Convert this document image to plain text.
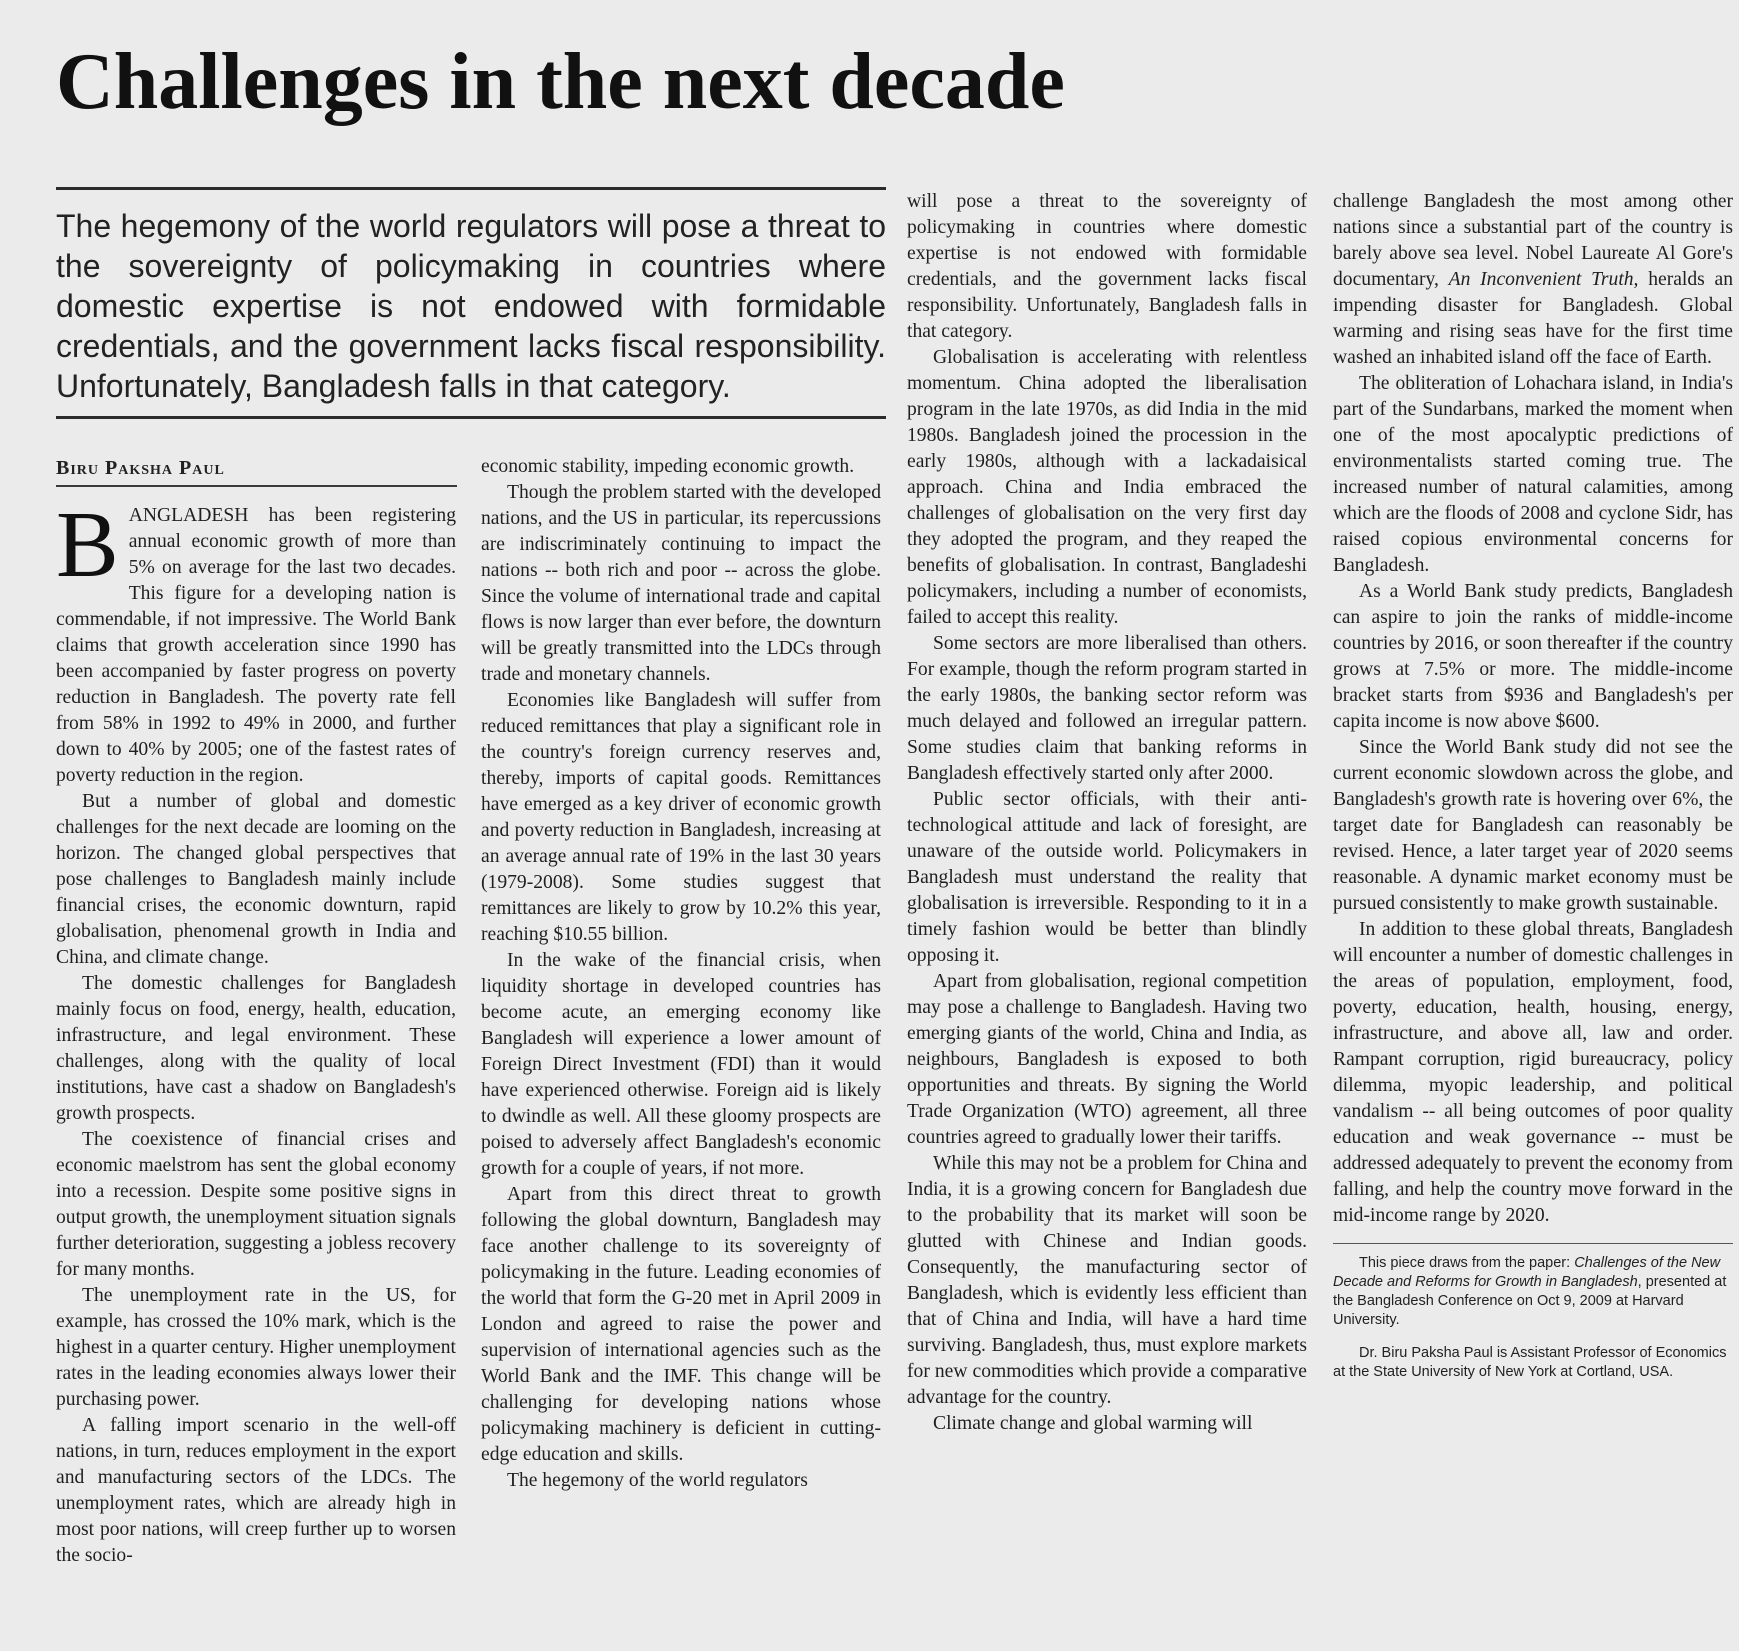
Challenges in the next decade

The hegemony of the world regulators will pose a threat to the sovereignty of policymaking in countries where domestic expertise is not endowed with formidable credentials, and the government lacks fiscal responsibility. Unfortunately, Bangladesh falls in that category.

Biru Paksha Paul

BANGLADESH has been registering annual economic growth of more than 5% on average for the last two decades. This figure for a developing nation is commendable, if not impressive. The World Bank claims that growth acceleration since 1990 has been accompanied by faster progress on poverty reduction in Bangladesh. The poverty rate fell from 58% in 1992 to 49% in 2000, and further down to 40% by 2005; one of the fastest rates of poverty reduction in the region.

But a number of global and domestic challenges for the next decade are looming on the horizon. The changed global perspectives that pose challenges to Bangladesh mainly include financial crises, the economic downturn, rapid globalisation, phenomenal growth in India and China, and climate change.

The domestic challenges for Bangladesh mainly focus on food, energy, health, education, infrastructure, and legal environment. These challenges, along with the quality of local institutions, have cast a shadow on Bangladesh's growth prospects.

The coexistence of financial crises and economic maelstrom has sent the global economy into a recession. Despite some positive signs in output growth, the unemployment situation signals further deterioration, suggesting a jobless recovery for many months.

The unemployment rate in the US, for example, has crossed the 10% mark, which is the highest in a quarter century. Higher unemployment rates in the leading economies always lower their purchasing power.

A falling import scenario in the well-off nations, in turn, reduces employment in the export and manufacturing sectors of the LDCs. The unemployment rates, which are already high in most poor nations, will creep further up to worsen the socio-

economic stability, impeding economic growth.

Though the problem started with the developed nations, and the US in particular, its repercussions are indiscriminately continuing to impact the nations -- both rich and poor -- across the globe. Since the volume of international trade and capital flows is now larger than ever before, the downturn will be greatly transmitted into the LDCs through trade and monetary channels.

Economies like Bangladesh will suffer from reduced remittances that play a significant role in the country's foreign currency reserves and, thereby, imports of capital goods. Remittances have emerged as a key driver of economic growth and poverty reduction in Bangladesh, increasing at an average annual rate of 19% in the last 30 years (1979-2008). Some studies suggest that remittances are likely to grow by 10.2% this year, reaching $10.55 billion.

In the wake of the financial crisis, when liquidity shortage in developed countries has become acute, an emerging economy like Bangladesh will experience a lower amount of Foreign Direct Investment (FDI) than it would have experienced otherwise. Foreign aid is likely to dwindle as well. All these gloomy prospects are poised to adversely affect Bangladesh's economic growth for a couple of years, if not more.

Apart from this direct threat to growth following the global downturn, Bangladesh may face another challenge to its sovereignty of policymaking in the future. Leading economies of the world that form the G-20 met in April 2009 in London and agreed to raise the power and supervision of international agencies such as the World Bank and the IMF. This change will be challenging for developing nations whose policymaking machinery is deficient in cutting-edge education and skills.

The hegemony of the world regulators

will pose a threat to the sovereignty of policymaking in countries where domestic expertise is not endowed with formidable credentials, and the government lacks fiscal responsibility. Unfortunately, Bangladesh falls in that category.

Globalisation is accelerating with relentless momentum. China adopted the liberalisation program in the late 1970s, as did India in the mid 1980s. Bangladesh joined the procession in the early 1980s, although with a lackadaisical approach. China and India embraced the challenges of globalisation on the very first day they adopted the program, and they reaped the benefits of globalisation. In contrast, Bangladeshi policymakers, including a number of economists, failed to accept this reality.

Some sectors are more liberalised than others. For example, though the reform program started in the early 1980s, the banking sector reform was much delayed and followed an irregular pattern. Some studies claim that banking reforms in Bangladesh effectively started only after 2000.

Public sector officials, with their anti-technological attitude and lack of foresight, are unaware of the outside world. Policymakers in Bangladesh must understand the reality that globalisation is irreversible. Responding to it in a timely fashion would be better than blindly opposing it.

Apart from globalisation, regional competition may pose a challenge to Bangladesh. Having two emerging giants of the world, China and India, as neighbours, Bangladesh is exposed to both opportunities and threats. By signing the World Trade Organization (WTO) agreement, all three countries agreed to gradually lower their tariffs.

While this may not be a problem for China and India, it is a growing concern for Bangladesh due to the probability that its market will soon be glutted with Chinese and Indian goods. Consequently, the manufacturing sector of Bangladesh, which is evidently less efficient than that of China and India, will have a hard time surviving. Bangladesh, thus, must explore markets for new commodities which provide a comparative advantage for the country.

Climate change and global warming will

challenge Bangladesh the most among other nations since a substantial part of the country is barely above sea level. Nobel Laureate Al Gore's documentary, An Inconvenient Truth, heralds an impending disaster for Bangladesh. Global warming and rising seas have for the first time washed an inhabited island off the face of Earth.

The obliteration of Lohachara island, in India's part of the Sundarbans, marked the moment when one of the most apocalyptic predictions of environmentalists started coming true. The increased number of natural calamities, among which are the floods of 2008 and cyclone Sidr, has raised copious environmental concerns for Bangladesh.

As a World Bank study predicts, Bangladesh can aspire to join the ranks of middle-income countries by 2016, or soon thereafter if the country grows at 7.5% or more. The middle-income bracket starts from $936 and Bangladesh's per capita income is now above $600.

Since the World Bank study did not see the current economic slowdown across the globe, and Bangladesh's growth rate is hovering over 6%, the target date for Bangladesh can reasonably be revised. Hence, a later target year of 2020 seems reasonable. A dynamic market economy must be pursued consistently to make growth sustainable.

In addition to these global threats, Bangladesh will encounter a number of domestic challenges in the areas of population, employment, food, poverty, education, health, housing, energy, infrastructure, and above all, law and order. Rampant corruption, rigid bureaucracy, policy dilemma, myopic leadership, and political vandalism -- all being outcomes of poor quality education and weak governance -- must be addressed adequately to prevent the economy from falling, and help the country move forward in the mid-income range by 2020.

This piece draws from the paper: Challenges of the New Decade and Reforms for Growth in Bangladesh, presented at the Bangladesh Conference on Oct 9, 2009 at Harvard University.

Dr. Biru Paksha Paul is Assistant Professor of Economics at the State University of New York at Cortland, USA.
